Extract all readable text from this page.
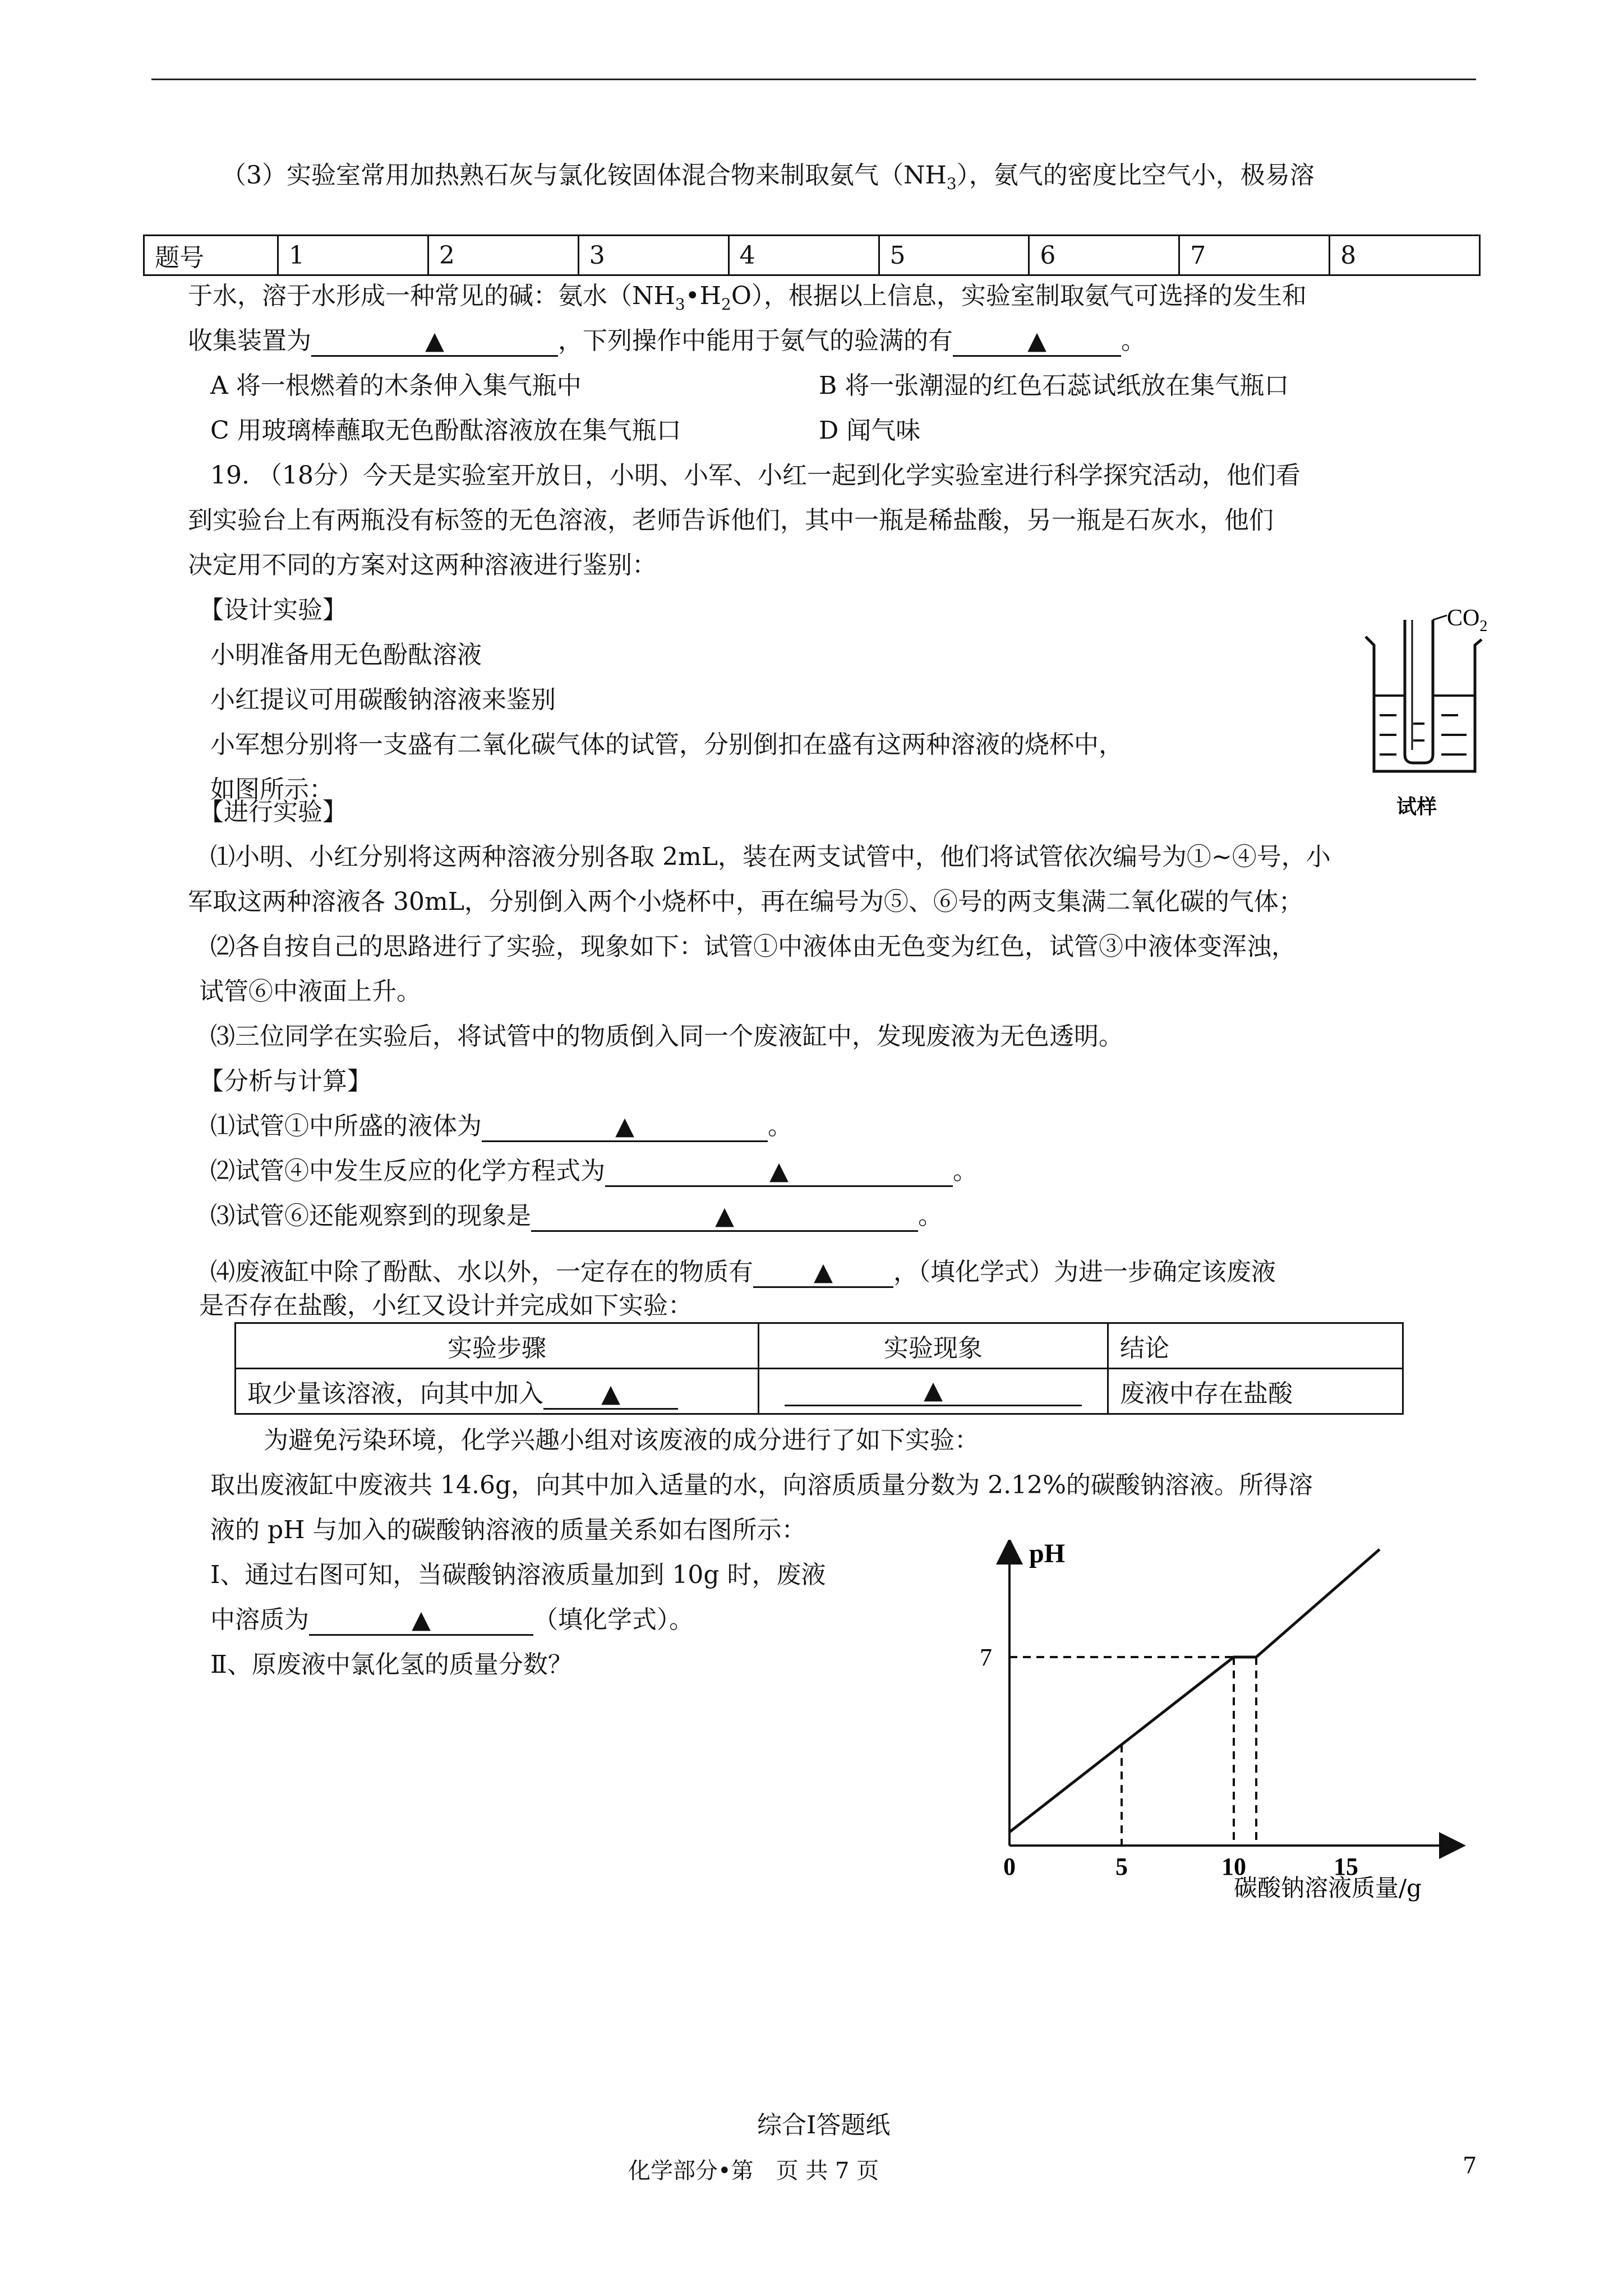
（3）实验室常用加热熟石灰与氯化铵固体混合物来制取氨气$(NH_3)$，氨气的密度比空气小，极易溶
题号	1	2	3	4	5	6	7	8
于水，溶于水形成一种常见的碱：氨水$(NH_3•H_2O)$，根据以上信息，实验室制取氨气可选择的发生和
收集装置为	▲	，下列操作中能用于氨气的验满的有	▲	。
A 将一根燃着的木条伸入集气瓶中	B 将一张潮湿的红色石蕊试纸放在集气瓶口
C 用玻璃棒蘸取无色酚酞溶液放在集气瓶口	D 闻气味
19. （18分）今天是实验室开放日，小明、小军、小红一起到化学实验室进行科学探究活动，他们看
到实验台上有两瓶没有标签的无色溶液，老师告诉他们，其中一瓶是稀盐酸，另一瓶是石灰水，他们
决定用不同的方案对这两种溶液进行鉴别：
【设计实验】
小明准备用无色酚酞溶液
小红提议可用碳酸钠溶液来鉴别
小军想分别将一支盛有二氧化碳气体的试管，分别倒扣在盛有这两种溶液的烧杯中，
如图所示：
$CO_2$
试样
【进行实验】
⑴小明、小红分别将这两种溶液分别各取 2mL，装在两支试管中，他们将试管依次编号为①~④号，小
军取这两种溶液各 30mL，分别倒入两个小烧杯中，再在编号为⑤、⑥号的两支集满二氧化碳的气体；
⑵各自按自己的思路进行了实验，现象如下：试管①中液体由无色变为红色，试管③中液体变浑浊，
试管⑥中液面上升。
⑶三位同学在实验后，将试管中的物质倒入同一个废液缸中，发现废液为无色透明。
【分析与计算】
⑴试管①中所盛的液体为	▲	。
⑵试管④中发生反应的化学方程式为	▲	。
⑶试管⑥还能观察到的现象是	▲	。
⑷废液缸中除了酚酞、水以外，一定存在的物质有 ▲ ，（填化学式）为进一步确定该废液
是否存在盐酸，小红又设计并完成如下实验：
实验步骤	实验现象	结论
取少量该溶液，向其中加入 ▲	▲	废液中存在盐酸
为避免污染环境，化学兴趣小组对该废液的成分进行了如下实验：
取出废液缸中废液共 14.6g，向其中加入适量的水，向溶质质量分数为 2.12%的碳酸钠溶液。所得溶
液的 pH 与加入的碳酸钠溶液的质量关系如右图所示：
Ⅰ、通过右图可知，当碳酸钠溶液质量加到 10g 时，废液
中溶质为	▲	（填化学式）。
Ⅱ、原废液中氯化氢的质量分数？
pH
碳酸钠溶液质量/g
0	5	10	15
7
综合Ⅰ答题纸
化学部分•第　页 共 7 页	7
